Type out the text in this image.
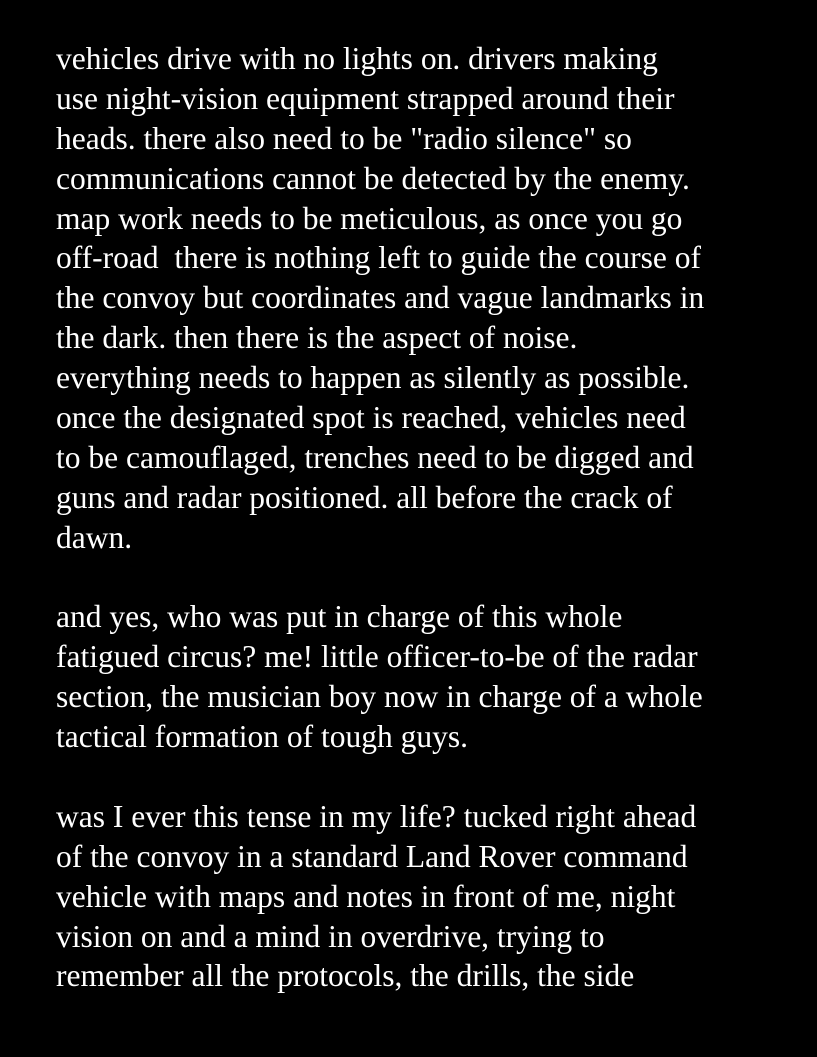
vehicles drive with no lights on. drivers making
use night-vision equipment strapped around their
heads. there also need to be "radio silence" so
communications cannot be detected by the enemy.
map work needs to be meticulous, as once you go
off-road  there is nothing left to guide the course of
the convoy but coordinates and vague landmarks in
the dark. then there is the aspect of noise.
everything needs to happen as silently as possible.
once the designated spot is reached, vehicles need
to be camouflaged, trenches need to be digged and
guns and radar positioned. all before the crack of
dawn.
and yes, who was put in charge of this whole
fatigued circus? me! little officer-to-be of the radar
section, the musician boy now in charge of a whole
tactical formation of tough guys.
was I ever this tense in my life? tucked right ahead
of the convoy in a standard Land Rover command
vehicle with maps and notes in front of me, night
vision on and a mind in overdrive, trying to
remember all the protocols, the drills, the side
